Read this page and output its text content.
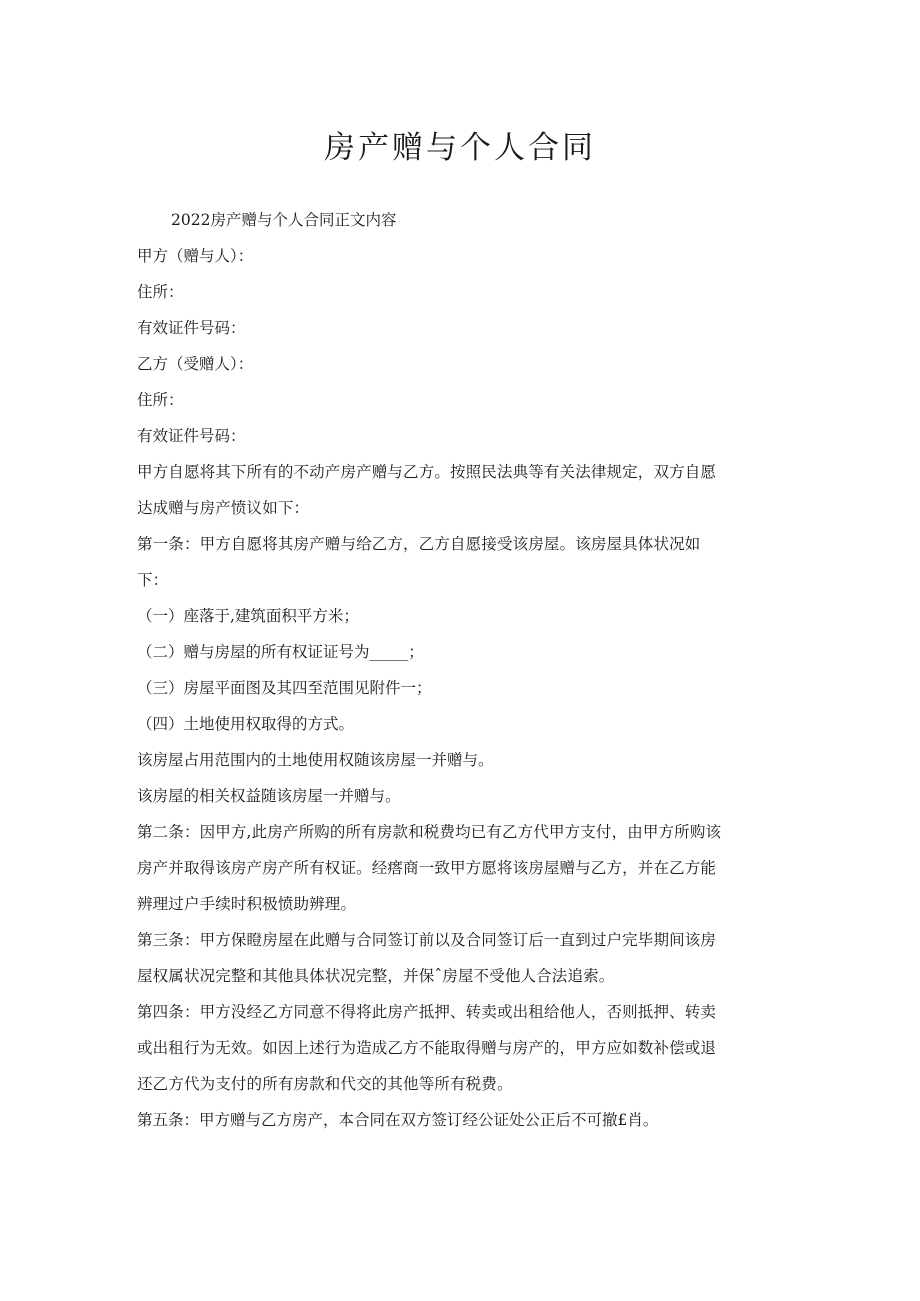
房产赠与个人合同

2022房产赠与个人合同正文内容

甲方（赠与人）：

住所：

有效证件号码：

乙方（受赠人）：

住所：

有效证件号码：

甲方自愿将其下所有的不动产房产赠与乙方。按照民法典等有关法律规定，双方自愿

达成赠与房产愤议如下：

第一条：甲方自愿将其房产赠与给乙方，乙方自愿接受该房屋。该房屋具体状况如

下：

（一）座落于,建筑面积平方米；

（二）赠与房屋的所有权证证号为_____；

（三）房屋平面图及其四至范围见附件一；

（四）土地使用权取得的方式。

该房屋占用范围内的土地使用权随该房屋一并赠与。

该房屋的相关权益随该房屋一并赠与。

第二条：因甲方,此房产所购的所有房款和税费均已有乙方代甲方支付，由甲方所购该

房产并取得该房产房产所有权证。经瘩商一致甲方愿将该房屋赠与乙方，并在乙方能

辨理过户手续时积极愤助辨理。

第三条：甲方保瞪房屋在此赠与合同签订前以及合同签订后一直到过户完毕期间该房

屋权属状况完整和其他具体状况完整，并保ˆ房屋不受他人合法追索。

第四条：甲方没经乙方同意不得将此房产抵押、转卖或出租给他人，否则抵押、转卖

或出租行为无效。如因上述行为造成乙方不能取得赠与房产的，甲方应如数补偿或退

还乙方代为支付的所有房款和代交的其他等所有税费。

第五条：甲方赠与乙方房产，本合同在双方签订经公证处公正后不可撤£肖。
